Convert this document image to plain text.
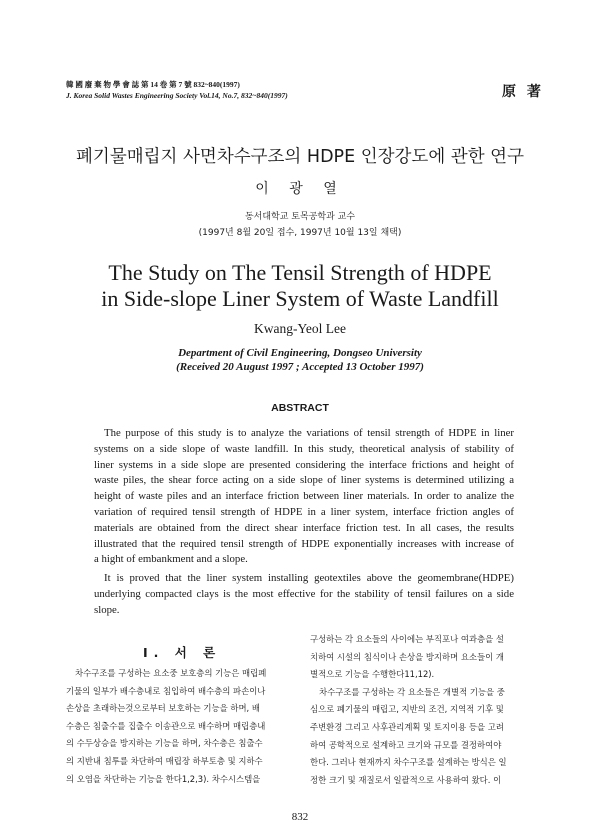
韓 國 廢 棄 物 學 會 誌 第 14 卷 第 7 號 832~840(1997)
J. Korea Solid Wastes Engineering Society Vol.14, No.7, 832~840(1997)	原 著
폐기물매립지 사면차수구조의 HDPE 인장강도에 관한 연구
이 광 열
동서대학교 토목공학과 교수
(1997년 8월 20일 접수, 1997년 10월 13일 채택)
The Study on The Tensil Strength of HDPE
in Side-slope Liner System of Waste Landfill
Kwang-Yeol Lee
Department of Civil Engineering, Dongseo University
(Received 20 August 1997 ; Accepted 13 October 1997)
ABSTRACT
The purpose of this study is to analyze the variations of tensil strength of HDPE in liner
systems on a side slope of waste landfill. In this study, theoretical analysis of stability of
liner systems in a side slope are presented considering the interface frictions and height of
waste piles, the shear force acting on a side slope of liner systems is determined utilizing a
height of waste piles and an interface friction between liner materials. In order to analize the
variation of required tensil strength of HDPE in a liner system, interface friction angles of
materials are obtained from the direct shear interface friction test. In all cases, the results
illustrated that the required tensil strength of HDPE exponentially increases with increase of
a hight of embankment and a slope.
It is proved that the liner system installing geotextiles above the geomembrane(HDPE)
underlying compacted clays is the most effective for the stability of tensil failures on a side
slope.
I. 서 론
차수구조를 구성하는 요소중 보호층의 기능은 매립폐
기물의 일부가 배수층내로 침입하여 배수층의 파손이나
손상을 초래하는것으로부터 보호하는 기능을 하며, 배
수층은 침출수를 집출수 이송관으로 배수하며 매립층내
의 수두상승을 방지하는 기능을 하며, 차수층은 침출수
의 지반내 침투를 차단하여 매립장 하부토층 및 지하수
의 오염을 차단하는 기능을 한다1,2,3). 차수시스템을
구성하는 각 요소들의 사이에는 부직포나 여과층을 설
치하여 시설의 침식이나 손상을 방지하며 요소들이 개
별적으로 기능을 수행한다11,12).
차수구조를 구성하는 각 요소들은 개별적 기능을 중
심으로 폐기물의 매립고, 지반의 조건, 지역적 기후 및
주변환경 그리고 사후관리계획 및 토지이용 등을 고려
하여 공학적으로 설계하고 크기와 규모를 결정하여야
한다. 그러나 현재까지 차수구조를 설계하는 방식은 일
정한 크기 및 재질로서 일괄적으로 사용하여 왔다. 이
832
